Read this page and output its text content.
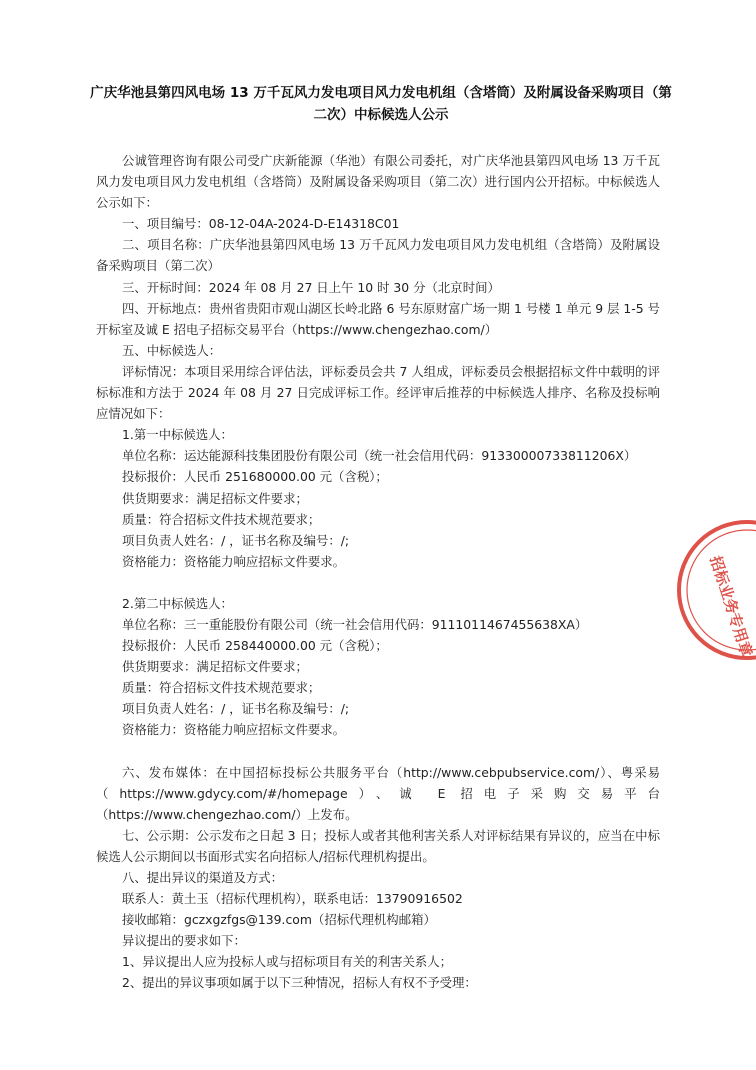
广庆华池县第四风电场 13 万千瓦风力发电项目风力发电机组（含塔筒）及附属设备采购项目（第二次）中标候选人公示

公诚管理咨询有限公司受广庆新能源（华池）有限公司委托，对广庆华池县第四风电场 13 万千瓦风力发电项目风力发电机组（含塔筒）及附属设备采购项目（第二次）进行国内公开招标。中标候选人公示如下：

一、项目编号：08-12-04A-2024-D-E14318C01

二、项目名称：广庆华池县第四风电场 13 万千瓦风力发电项目风力发电机组（含塔筒）及附属设备采购项目（第二次）

三、开标时间：2024 年 08 月 27 日上午 10 时 30 分（北京时间）

四、开标地点：贵州省贵阳市观山湖区长岭北路 6 号东原财富广场一期 1 号楼 1 单元 9 层 1-5 号开标室及诚 E 招电子招标交易平台（https://www.chengezhao.com/）

五、中标候选人：

评标情况：本项目采用综合评估法，评标委员会共 7 人组成，评标委员会根据招标文件中载明的评标标准和方法于 2024 年 08 月 27 日完成评标工作。经评审后推荐的中标候选人排序、名称及投标响应情况如下：

1.第一中标候选人：

单位名称：运达能源科技集团股份有限公司（统一社会信用代码：91330000733811206X）

投标报价：人民币 251680000.00 元（含税）；

供货期要求：满足招标文件要求；

质量：符合招标文件技术规范要求；

项目负责人姓名：/ ，证书名称及编号：/;

资格能力：资格能力响应招标文件要求。

2.第二中标候选人：

单位名称：三一重能股份有限公司（统一社会信用代码：9111011467455638XA）

投标报价：人民币 258440000.00 元（含税）；

供货期要求：满足招标文件要求；

质量：符合招标文件技术规范要求；

项目负责人姓名：/ ，证书名称及编号：/;

资格能力：资格能力响应招标文件要求。

六、发布媒体：在中国招标投标公共服务平台（http://www.cebpubservice.com/）、粤采易（https://www.gdycy.com/#/homepage）、诚 E 招电子采购交易平台（https://www.chengezhao.com/）上发布。

七、公示期：公示发布之日起 3 日；投标人或者其他利害关系人对评标结果有异议的，应当在中标候选人公示期间以书面形式实名向招标人/招标代理机构提出。

八、提出异议的渠道及方式：

联系人：黄土玉（招标代理机构），联系电话：13790916502

接收邮箱：gczxgzfgs@139.com（招标代理机构邮箱）

异议提出的要求如下：

1、异议提出人应为投标人或与招标项目有关的利害关系人；

2、提出的异议事项如属于以下三种情况，招标人有权不予受理：

招标业务专用章
